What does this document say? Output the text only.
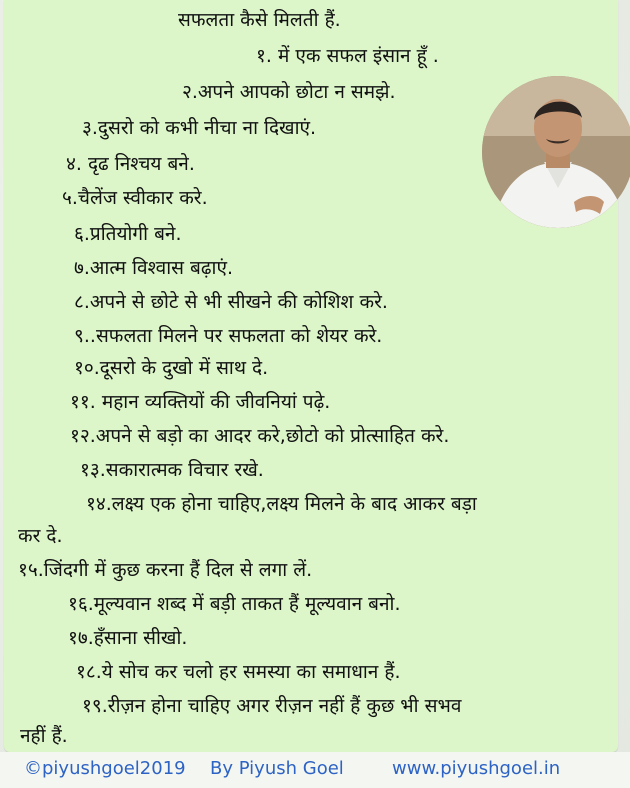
सफलता कैसे मिलती हैं.
१. में एक सफल इंसान हूँ .
२.अपने आपको छोटा न समझे.
३.दुसरो को कभी नीचा ना दिखाएं.
४. दृढ निश्चय बने.
५.चैलेंज स्वीकार करे.
६.प्रतियोगी बने.
७.आत्म विश्वास बढ़ाएं.
८.अपने से छोटे से भी सीखने की कोशिश करे.
९..सफलता मिलने पर सफलता को शेयर करे.
१०.दूसरो के दुखो में साथ दे.
११. महान व्यक्तियों की जीवनियां पढ़े.
१२.अपने से बड़ो का आदर करे,छोटो को प्रोत्साहित करे.
१३.सकारात्मक विचार रखे.
१४.लक्ष्य एक होना चाहिए,लक्ष्य मिलने के बाद आकर बड़ा
कर दे.
१५.जिंदगी में कुछ करना हैं दिल से लगा लें.
१६.मूल्यवान शब्द में बड़ी ताकत हैं मूल्यवान बनो.
१७.हँसाना सीखो.
१८.ये सोच कर चलो हर समस्या का समाधान हैं.
१९.रीज़न होना चाहिए अगर रीज़न नहीं हैं कुछ भी सभव
नहीं हैं.
©piyushgoel2019 By Piyush Goel	www.piyushgoel.in
